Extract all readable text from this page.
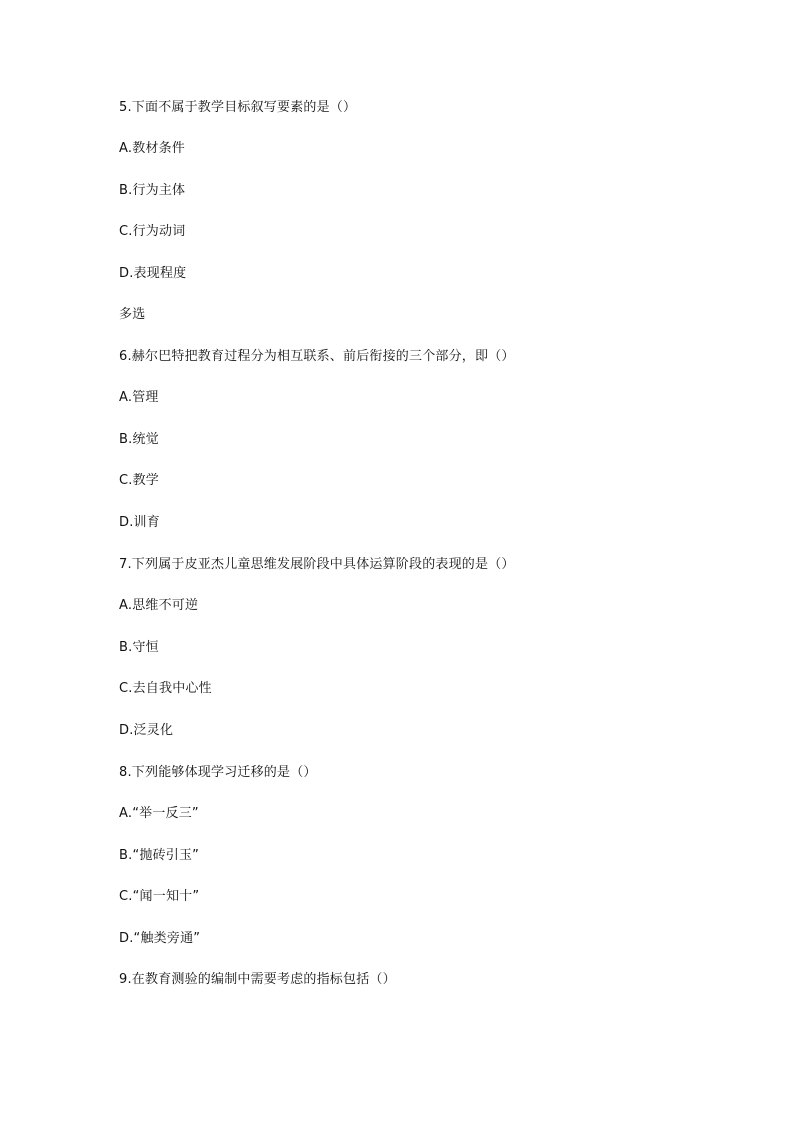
5.下面不属于教学目标叙写要素的是（）
A.教材条件
B.行为主体
C.行为动词
D.表现程度
多选
6.赫尔巴特把教育过程分为相互联系、前后衔接的三个部分，即（）
A.管理
B.统觉
C.教学
D.训育
7.下列属于皮亚杰儿童思维发展阶段中具体运算阶段的表现的是（）
A.思维不可逆
B.守恒
C.去自我中心性
D.泛灵化
8.下列能够体现学习迁移的是（）
A.“举一反三”
B.“抛砖引玉”
C.“闻一知十”
D.“触类旁通”
9.在教育测验的编制中需要考虑的指标包括（）
